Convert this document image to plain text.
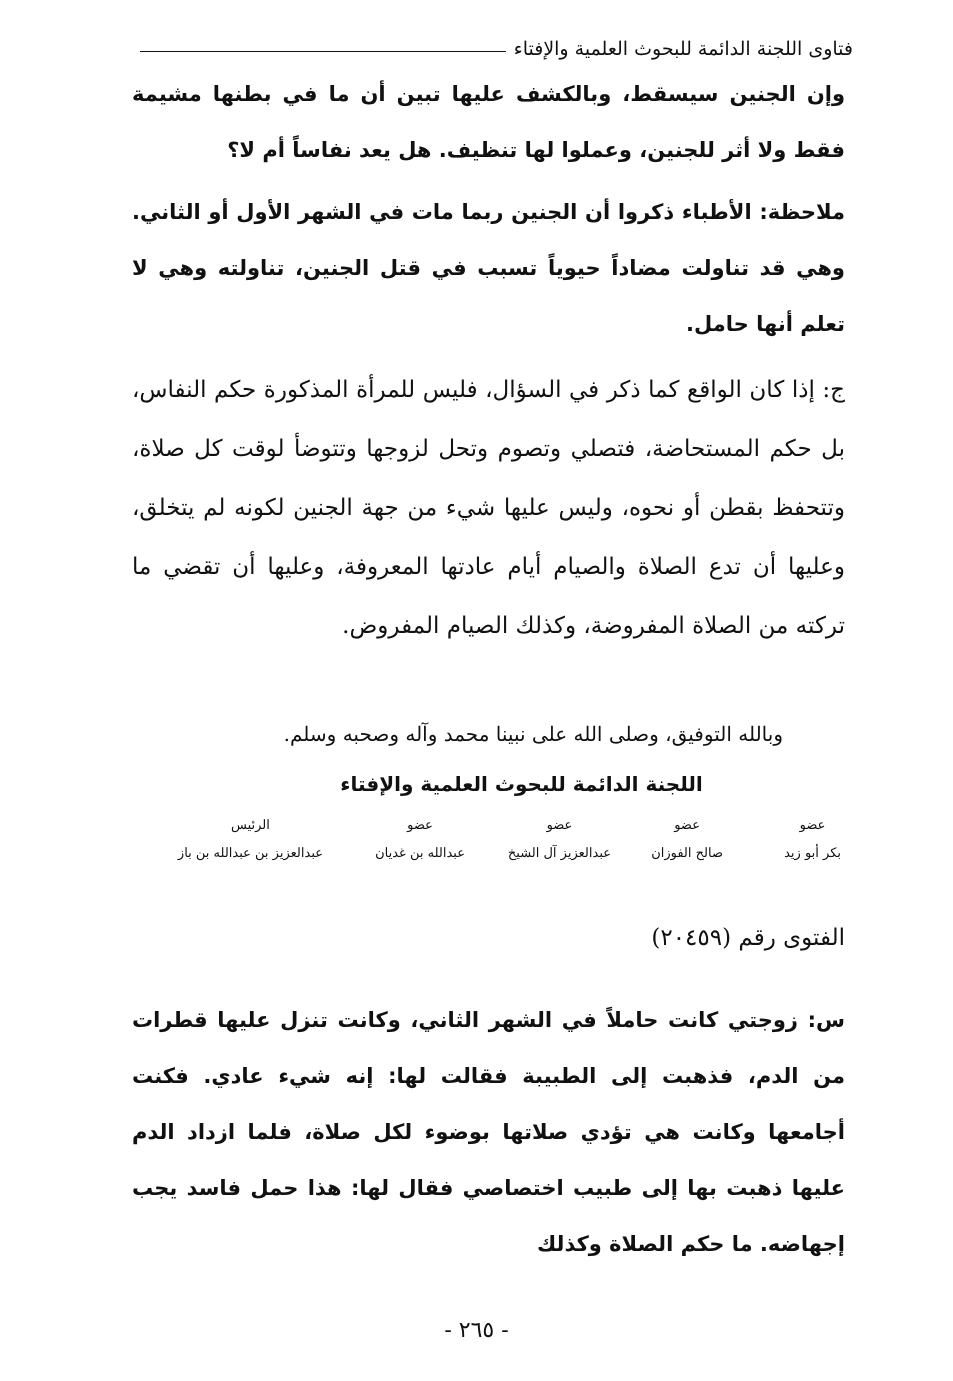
فتاوى اللجنة الدائمة للبحوث العلمية والإفتاء

وإن الجنين سيسقط، وبالكشف عليها تبين أن ما في بطنها مشيمة فقط ولا أثر للجنين، وعملوا لها تنظيف. هل يعد نفاساً أم لا؟

ملاحظة: الأطباء ذكروا أن الجنين ربما مات في الشهر الأول أو الثاني. وهي قد تناولت مضاداً حيوياً تسبب في قتل الجنين، تناولته وهي لا تعلم أنها حامل.

ج: إذا كان الواقع كما ذكر في السؤال، فليس للمرأة المذكورة حكم النفاس، بل حكم المستحاضة، فتصلي وتصوم وتحل لزوجها وتتوضأ لوقت كل صلاة، وتتحفظ بقطن أو نحوه، وليس عليها شيء من جهة الجنين لكونه لم يتخلق، وعليها أن تدع الصلاة والصيام أيام عادتها المعروفة، وعليها أن تقضي ما تركته من الصلاة المفروضة، وكذلك الصيام المفروض.

وبالله التوفيق، وصلى الله على نبينا محمد وآله وصحبه وسلم.

اللجنة الدائمة للبحوث العلمية والإفتاء

عضو
بكر أبو زيد
عضو
صالح الفوزان
عضو
عبدالعزيز آل الشيخ
عضو
عبدالله بن غديان
الرئيس
عبدالعزيز بن عبدالله بن باز

الفتوى رقم (٢٠٤٥٩)

س: زوجتي كانت حاملاً في الشهر الثاني، وكانت تنزل عليها قطرات من الدم، فذهبت إلى الطبيبة فقالت لها: إنه شيء عادي. فكنت أجامعها وكانت هي تؤدي صلاتها بوضوء لكل صلاة، فلما ازداد الدم عليها ذهبت بها إلى طبيب اختصاصي فقال لها: هذا حمل فاسد يجب إجهاضه. ما حكم الصلاة وكذلك

- ٢٦٥ -
